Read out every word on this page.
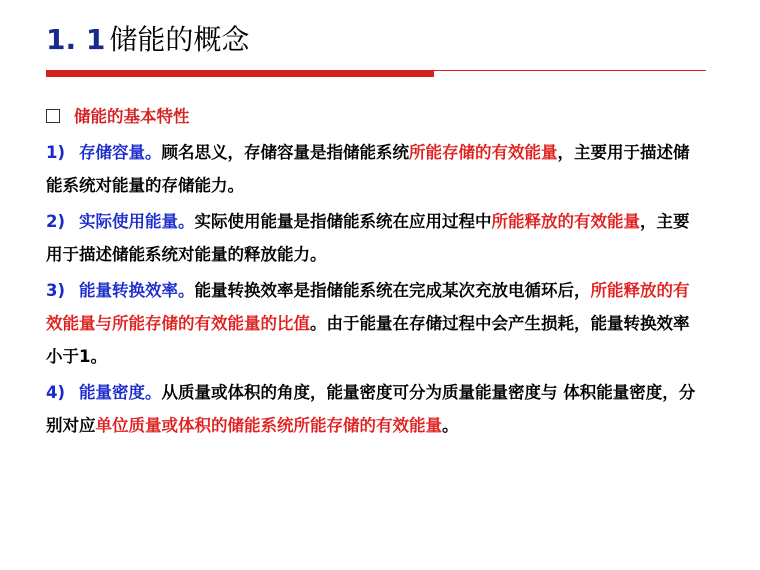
1. 1 储能的概念
储能的基本特性
1) 存储容量。顾名思义，存储容量是指储能系统所能存储的有效能量，主要用于描述储能系统对能量的存储能力。
2) 实际使用能量。实际使用能量是指储能系统在应用过程中所能释放的有效能量，主要用于描述储能系统对能量的释放能力。
3) 能量转换效率。能量转换效率是指储能系统在完成某次充放电循环后，所能释放的有效能量与所能存储的有效能量的比值。由于能量在存储过程中会产生损耗，能量转换效率小于1。
4) 能量密度。从质量或体积的角度，能量密度可分为质量能量密度与 体积能量密度，分别对应单位质量或体积的储能系统所能存储的有效能量。
